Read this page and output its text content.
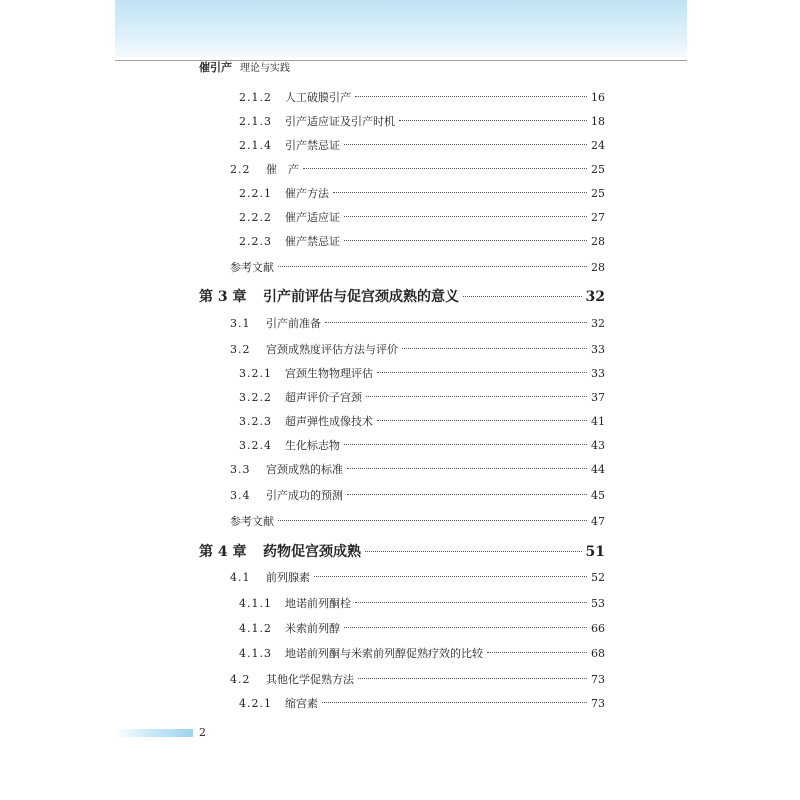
催引产 理论与实践
2.1.2	人工破膜引产	16
2.1.3	引产适应证及引产时机	18
2.1.4	引产禁忌证	24
2.2	催　产	25
2.2.1	催产方法	25
2.2.2	催产适应证	27
2.2.3	催产禁忌证	28
参考文献	28
第 3 章	引产前评估与促宫颈成熟的意义	32
3.1	引产前准备	32
3.2	宫颈成熟度评估方法与评价	33
3.2.1	宫颈生物物理评估	33
3.2.2	超声评价子宫颈	37
3.2.3	超声弹性成像技术	41
3.2.4	生化标志物	43
3.3	宫颈成熟的标准	44
3.4	引产成功的预测	45
参考文献	47
第 4 章	药物促宫颈成熟	51
4.1	前列腺素	52
4.1.1	地诺前列酮栓	53
4.1.2	米索前列醇	66
4.1.3	地诺前列酮与米索前列醇促熟疗效的比较	68
4.2	其他化学促熟方法	73
4.2.1	缩宫素	73
2
